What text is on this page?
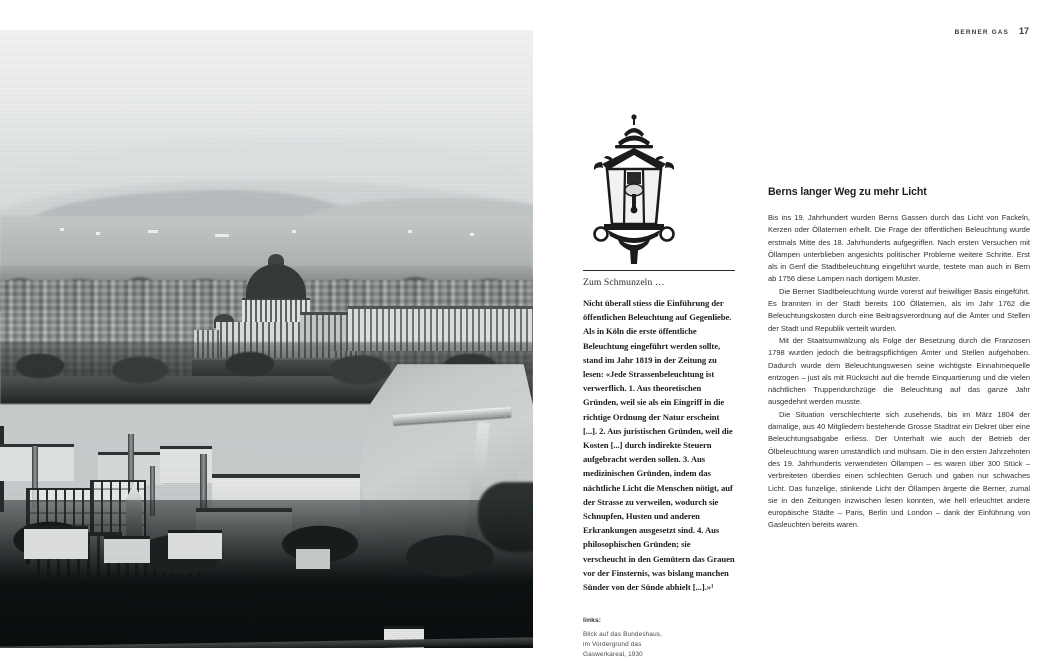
BERNER GAS 17
Zum Schmunzeln …

Nicht überall stiess die Einführung der öffentlichen Beleuchtung auf Gegenliebe. Als in Köln die erste öffentliche Beleuchtung eingeführt werden sollte, stand im Jahr 1819 in der Zeitung zu lesen: «Jede Strassenbeleuchtung ist verwerflich. 1. Aus theoretischen Gründen, weil sie als ein Eingriff in die richtige Ordnung der Natur erscheint [...]. 2. Aus juristischen Gründen, weil die Kosten [...] durch indirekte Steuern aufgebracht werden sollen. 3. Aus medizinischen Gründen, indem das nächtliche Licht die Menschen nötigt, auf der Strasse zu verweilen, wodurch sie Schnupfen, Husten und anderen Erkrankungen ausgesetzt sind. 4. Aus philosophischen Gründen; sie verscheucht in den Gemütern das Grauen vor der Finsternis, was bislang manchen Sünder von der Sünde abhielt [...].»¹

links:
Blick auf das Bundeshaus,
im Vordergrund das
Gaswerkareal, 1930
Berns langer Weg zu mehr Licht

Bis ins 19. Jahrhundert wurden Berns Gassen durch das Licht von Fackeln, Kerzen oder Öllaternen erhellt. Die Frage der öffentlichen Beleuchtung wurde erstmals Mitte des 18. Jahrhunderts aufgegriffen. Nach ersten Versuchen mit Öllampen unterblieben angesichts politischer Probleme weitere Schritte. Erst als in Genf die Stadtbeleuchtung eingeführt wurde, testete man auch in Bern ab 1756 diese Lampen nach dortigem Muster.

Die Berner Stadtbeleuchtung wurde vorerst auf freiwilliger Basis eingeführt. Es brannten in der Stadt bereits 100 Öllaternen, als im Jahr 1762 die Beleuchtungskosten durch eine Beitragsverordnung auf die Ämter und Stellen der Stadt und Republik verteilt wurden.

Mit der Staatsumwälzung als Folge der Besetzung durch die Franzosen 1798 wurden jedoch die beitragspflichtigen Ämter und Stellen aufgehoben. Dadurch wurde dem Beleuchtungswesen seine wichtigste Einnahmequelle entzogen – just als mit Rücksicht auf die fremde Einquartierung und die vielen nächtlichen Truppendurchzüge die Beleuchtung auf das ganze Jahr ausgedehnt werden musste.

Die Situation verschlechterte sich zusehends, bis im März 1804 der damalige, aus 40 Mitgliedern bestehende Grosse Stadtrat ein Dekret über eine Beleuchtungsabgabe erliess. Der Unterhalt wie auch der Betrieb der Ölbeleuchtung waren umständlich und mühsam. Die in den ersten Jahrzehnten des 19. Jahrhunderts verwendeten Öllampen – es waren über 300 Stück – verbreiteten überdies einen schlechten Geruch und gaben nur schwaches Licht. Das funzelige, stinkende Licht der Öllampen ärgerte die Berner, zumal sie in den Zeitungen inzwischen lesen konnten, wie hell erleuchtet andere europäische Städte – Paris, Berlin und London – dank der Einführung von Gasleuchten bereits waren.
